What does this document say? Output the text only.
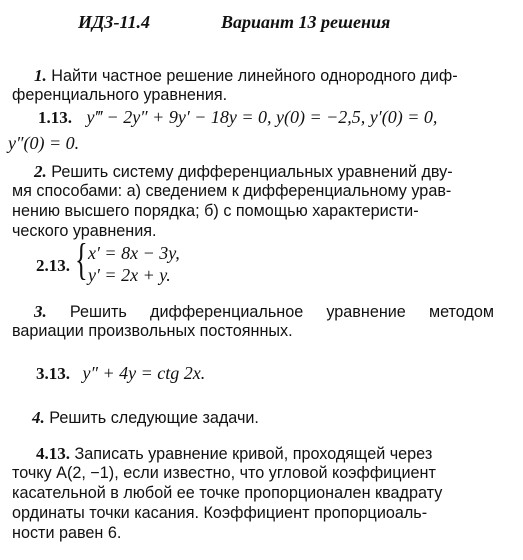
ИДЗ-11.4	Вариант 13 решения
1. Найти частное решение линейного однородного диф-
ференциального уравнения.
1.13. y‴ − 2y″ + 9y′ − 18y = 0, y(0) = −2,5, y′(0) = 0,
y″(0) = 0.
2. Решить систему дифференциальных уравнений дву-
мя способами: а) сведением к дифференциальному урав-
нению высшего порядка; б) с помощью характеристи-
ческого уравнения.
2.13. { x′ = 8x − 3y,
y′ = 2x + y.
3. Решить дифференциальное уравнение методом
вариации произвольных постоянных.
3.13. y″ + 4y = ctg 2x.
4. Решить следующие задачи.
4.13. Записать уравнение кривой, проходящей через
точку A(2, −1), если известно, что угловой коэффициент
касательной в любой ее точке пропорционален квадрату
ординаты точки касания. Коэффициент пропорциоаль-
ности равен 6.
